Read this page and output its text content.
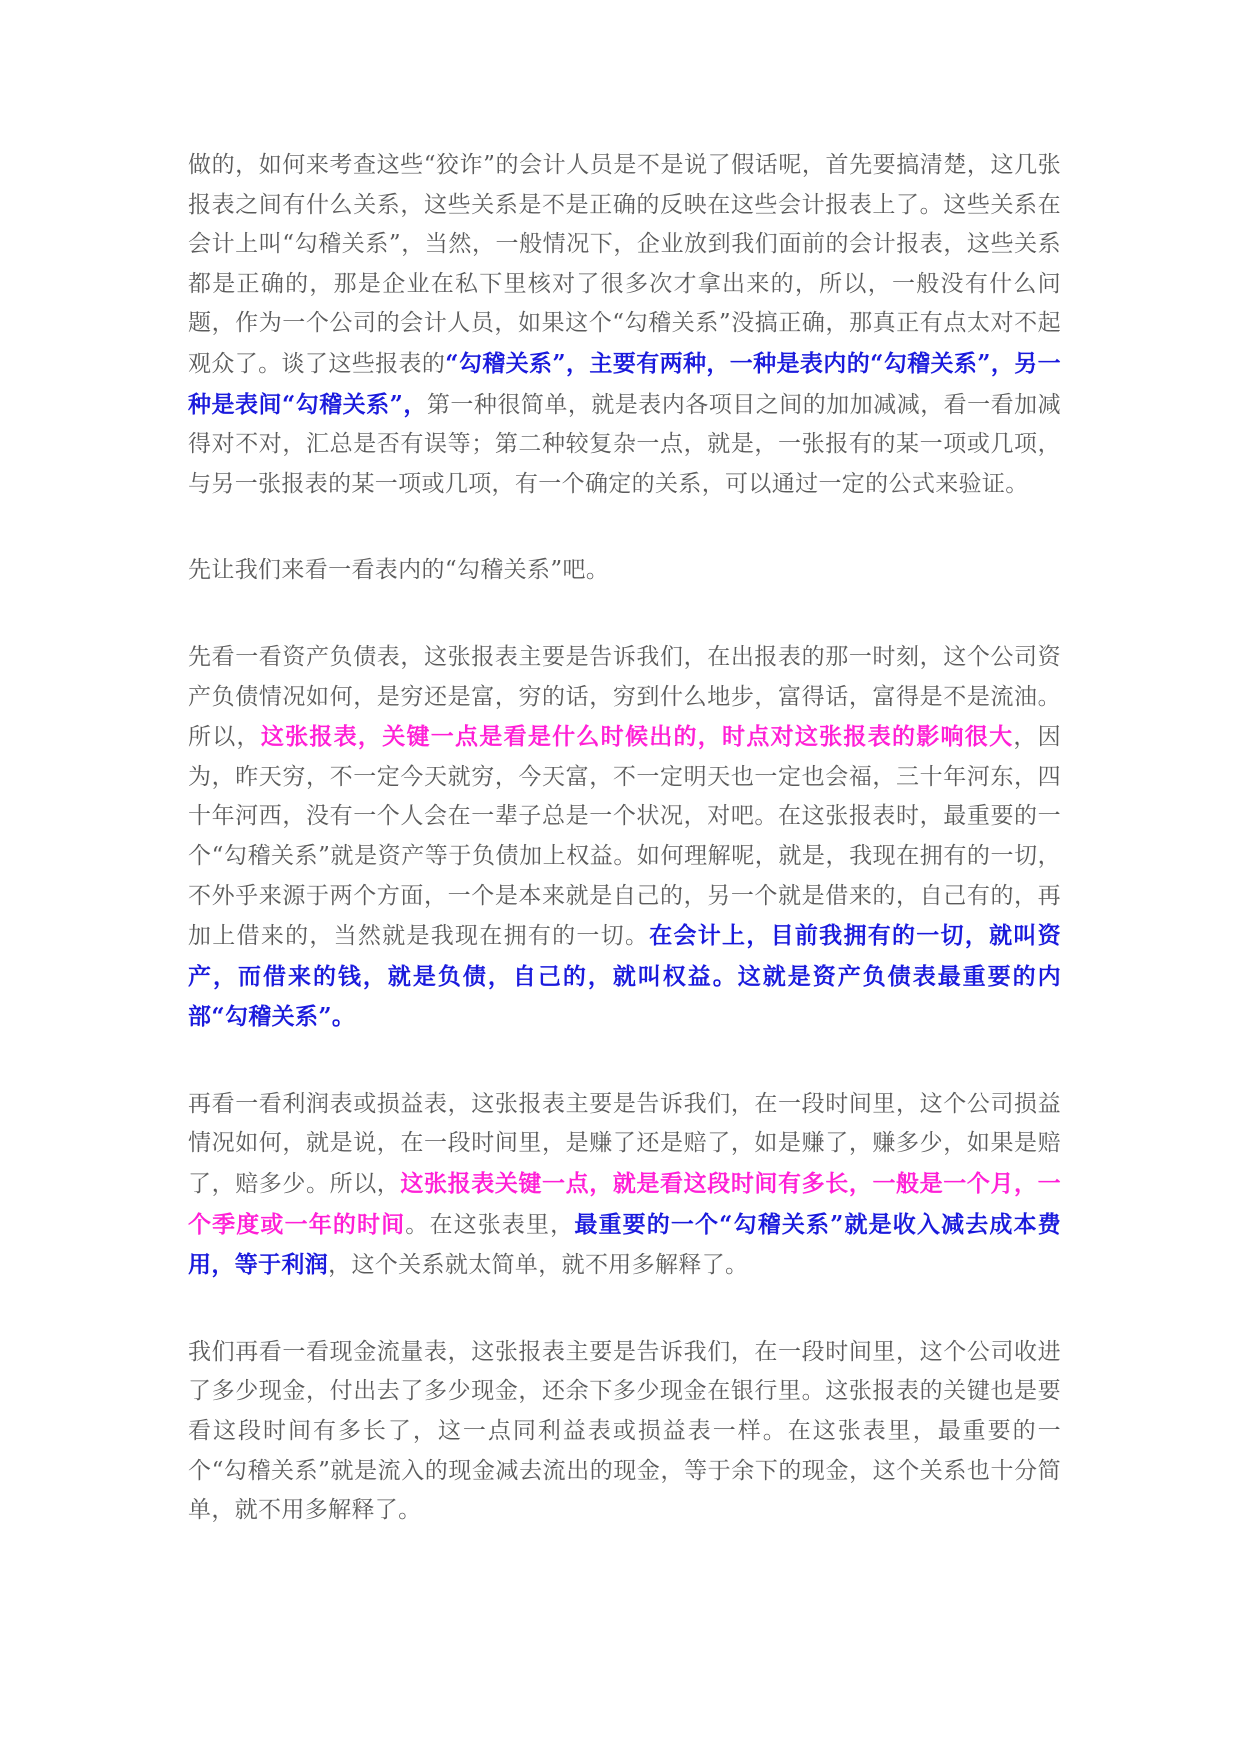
做的，如何来考查这些“狡诈”的会计人员是不是说了假话呢，首先要搞清楚，这几张报表之间有什么关系，这些关系是不是正确的反映在这些会计报表上了。这些关系在会计上叫“勾稽关系”，当然，一般情况下，企业放到我们面前的会计报表，这些关系都是正确的，那是企业在私下里核对了很多次才拿出来的，所以，一般没有什么问题，作为一个公司的会计人员，如果这个“勾稽关系”没搞正确，那真正有点太对不起观众了。谈了这些报表的“勾稽关系”，主要有两种，一种是表内的“勾稽关系”，另一种是表间“勾稽关系”，第一种很简单，就是表内各项目之间的加加减减，看一看加减得对不对，汇总是否有误等；第二种较复杂一点，就是，一张报有的某一项或几项，与另一张报表的某一项或几项，有一个确定的关系，可以通过一定的公式来验证。

先让我们来看一看表内的“勾稽关系”吧。

先看一看资产负债表，这张报表主要是告诉我们，在出报表的那一时刻，这个公司资产负债情况如何，是穷还是富，穷的话，穷到什么地步，富得话，富得是不是流油。所以，这张报表，关键一点是看是什么时候出的，时点对这张报表的影响很大，因为，昨天穷，不一定今天就穷，今天富，不一定明天也一定也会福，三十年河东，四十年河西，没有一个人会在一辈子总是一个状况，对吧。在这张报表时，最重要的一个“勾稽关系”就是资产等于负债加上权益。如何理解呢，就是，我现在拥有的一切，不外乎来源于两个方面，一个是本来就是自己的，另一个就是借来的，自己有的，再加上借来的，当然就是我现在拥有的一切。在会计上，目前我拥有的一切，就叫资产，而借来的钱，就是负债，自己的，就叫权益。这就是资产负债表最重要的内部“勾稽关系”。

再看一看利润表或损益表，这张报表主要是告诉我们，在一段时间里，这个公司损益情况如何，就是说，在一段时间里，是赚了还是赔了，如是赚了，赚多少，如果是赔了，赔多少。所以，这张报表关键一点，就是看这段时间有多长，一般是一个月，一个季度或一年的时间。在这张表里，最重要的一个“勾稽关系”就是收入减去成本费用，等于利润，这个关系就太简单，就不用多解释了。

我们再看一看现金流量表，这张报表主要是告诉我们，在一段时间里，这个公司收进了多少现金，付出去了多少现金，还余下多少现金在银行里。这张报表的关键也是要看这段时间有多长了，这一点同利益表或损益表一样。在这张表里，最重要的一个“勾稽关系”就是流入的现金减去流出的现金，等于余下的现金，这个关系也十分简单，就不用多解释了。
